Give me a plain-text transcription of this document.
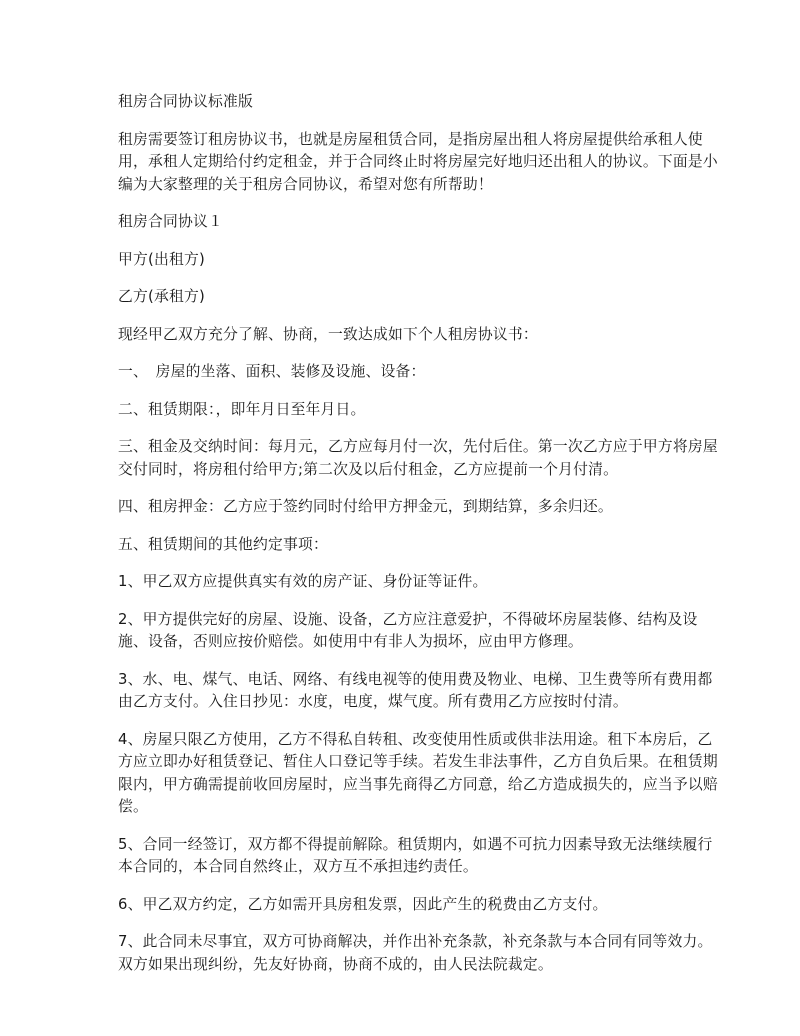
租房合同协议标准版

租房需要签订租房协议书，也就是房屋租赁合同，是指房屋出租人将房屋提供给承租人使用，承租人定期给付约定租金，并于合同终止时将房屋完好地归还出租人的协议。下面是小编为大家整理的关于租房合同协议，希望对您有所帮助！

租房合同协议１

甲方(出租方)

乙方(承租方)

现经甲乙双方充分了解、协商，一致达成如下个人租房协议书：

一、　房屋的坐落、面积、装修及设施、设备：

二、租赁期限：，即年月日至年月日。

三、租金及交纳时间：每月元，乙方应每月付一次，先付后住。第一次乙方应于甲方将房屋交付同时，将房租付给甲方;第二次及以后付租金，乙方应提前一个月付清。

四、租房押金：乙方应于签约同时付给甲方押金元，到期结算，多余归还。

五、租赁期间的其他约定事项：

1、甲乙双方应提供真实有效的房产证、身份证等证件。

2、甲方提供完好的房屋、设施、设备，乙方应注意爱护，不得破坏房屋装修、结构及设施、设备，否则应按价赔偿。如使用中有非人为损坏，应由甲方修理。

3、水、电、煤气、电话、网络、有线电视等的使用费及物业、电梯、卫生费等所有费用都由乙方支付。入住日抄见：水度，电度，煤气度。所有费用乙方应按时付清。

4、房屋只限乙方使用，乙方不得私自转租、改变使用性质或供非法用途。租下本房后，乙方应立即办好租赁登记、暂住人口登记等手续。若发生非法事件，乙方自负后果。在租赁期限内，甲方确需提前收回房屋时，应当事先商得乙方同意，给乙方造成损失的，应当予以赔偿。

5、合同一经签订，双方都不得提前解除。租赁期内，如遇不可抗力因素导致无法继续履行本合同的，本合同自然终止，双方互不承担违约责任。

6、甲乙双方约定，乙方如需开具房租发票，因此产生的税费由乙方支付。

7、此合同未尽事宜，双方可协商解决，并作出补充条款，补充条款与本合同有同等效力。双方如果出现纠纷，先友好协商，协商不成的，由人民法院裁定。
